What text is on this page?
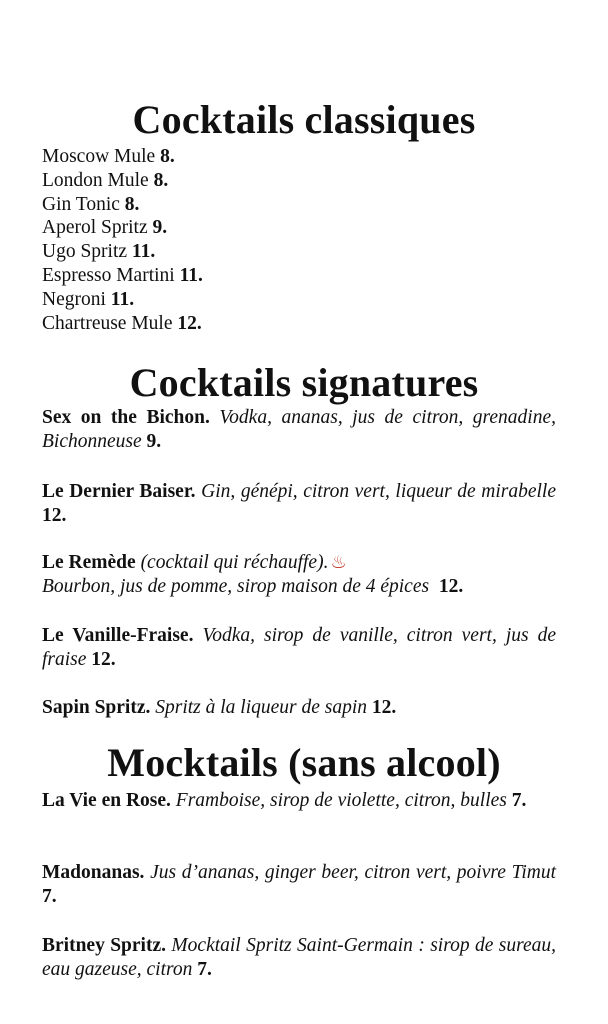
Cocktails classiques
Moscow Mule 8.
London Mule 8.
Gin Tonic 8.
Aperol Spritz 9.
Ugo Spritz 11.
Espresso Martini 11.
Negroni 11.
Chartreuse Mule 12.
Cocktails signatures

Sex on the Bichon. Vodka, ananas, jus de citron, grenadine, Bichonneuse 9.

Le Dernier Baiser. Gin, génépi, citron vert, liqueur de mirabelle 12.

Le Remède (cocktail qui réchauffe). ♨
Bourbon, jus de pomme, sirop maison de 4 épices 12.

Le Vanille-Fraise. Vodka, sirop de vanille, citron vert, jus de fraise 12.

Sapin Spritz. Spritz à la liqueur de sapin 12.

Mocktails (sans alcool)

La Vie en Rose. Framboise, sirop de violette, citron, bulles 7.

Madonanas. Jus d’ananas, ginger beer, citron vert, poivre Timut 7.

Britney Spritz. Mocktail Spritz Saint-Germain : sirop de sureau, eau gazeuse, citron 7.
